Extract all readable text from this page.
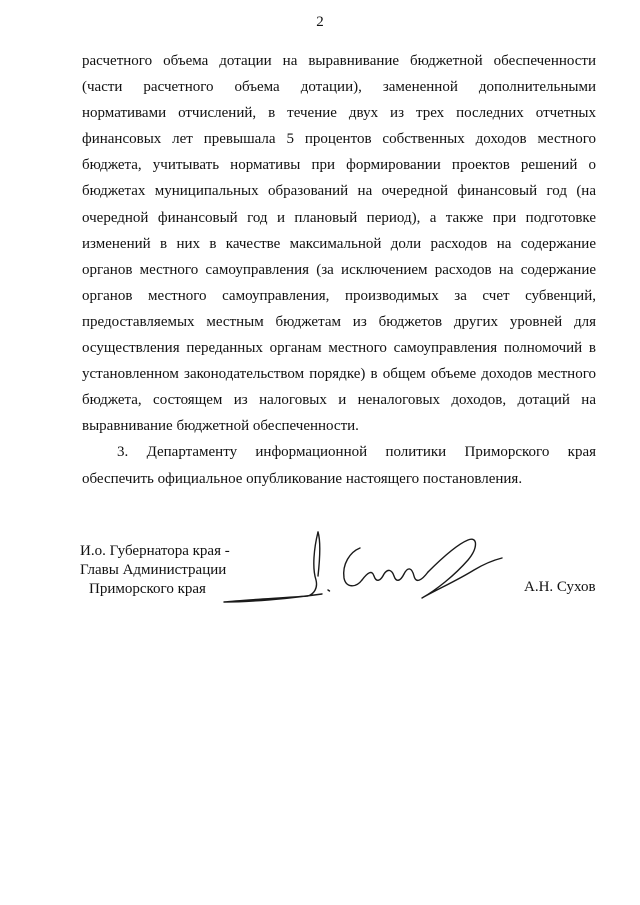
2
расчетного объема дотации на выравнивание бюджетной обеспеченности
(части расчетного объема дотации), замененной дополнительными
нормативами отчислений, в течение двух из трех последних отчетных
финансовых лет превышала 5 процентов собственных доходов местного
бюджета, учитывать нормативы при формировании проектов решений о
бюджетах муниципальных образований на очередной финансовый год (на
очередной финансовый год и плановый период), а также при подготовке
изменений в них в качестве максимальной доли расходов на содержание
органов местного самоуправления (за исключением расходов на содержание
органов местного самоуправления, производимых за счет субвенций,
предоставляемых местным бюджетам из бюджетов других уровней для
осуществления переданных органам местного самоуправления полномочий в
установленном законодательством порядке) в общем объеме доходов местного
бюджета, состоящем из налоговых и неналоговых доходов, дотаций на
выравнивание бюджетной обеспеченности.
3. Департаменту информационной политики Приморского края
обеспечить официальное опубликование настоящего постановления.
И.о. Губернатора края -
Главы Администрации
Приморского края	А.Н. Сухов
